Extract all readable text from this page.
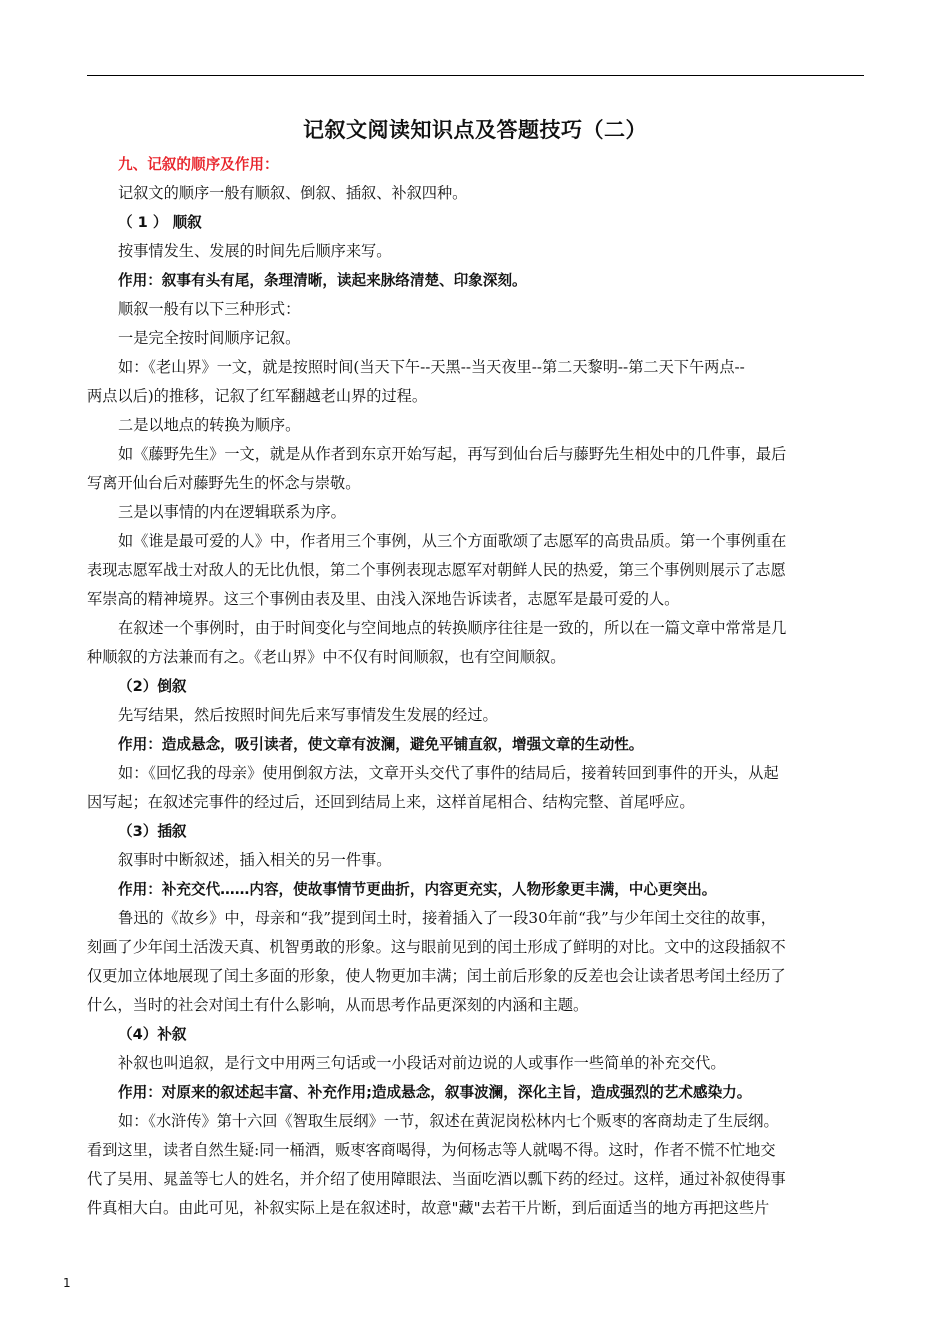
记叙文阅读知识点及答题技巧（二）
九、记叙的顺序及作用：
记叙文的顺序一般有顺叙、倒叙、插叙、补叙四种。
（ 1 ） 顺叙
按事情发生、发展的时间先后顺序来写。
作用：叙事有头有尾，条理清晰，读起来脉络清楚、印象深刻。
顺叙一般有以下三种形式：
一是完全按时间顺序记叙。
如：《老山界》一文，就是按照时间(当天下午--天黑--当天夜里--第二天黎明--第二天下午两点--
两点以后)的推移，记叙了红军翻越老山界的过程。
二是以地点的转换为顺序。
如《藤野先生》一文，就是从作者到东京开始写起，再写到仙台后与藤野先生相处中的几件事，最后
写离开仙台后对藤野先生的怀念与崇敬。
三是以事情的内在逻辑联系为序。
如《谁是最可爱的人》中，作者用三个事例，从三个方面歌颂了志愿军的高贵品质。第一个事例重在
表现志愿军战士对敌人的无比仇恨，第二个事例表现志愿军对朝鲜人民的热爱，第三个事例则展示了志愿
军崇高的精神境界。这三个事例由表及里、由浅入深地告诉读者，志愿军是最可爱的人。
在叙述一个事例时，由于时间变化与空间地点的转换顺序往往是一致的，所以在一篇文章中常常是几
种顺叙的方法兼而有之。《老山界》中不仅有时间顺叙，也有空间顺叙。
（2）倒叙
先写结果，然后按照时间先后来写事情发生发展的经过。
作用：造成悬念，吸引读者，使文章有波澜，避免平铺直叙，增强文章的生动性。
如：《回忆我的母亲》使用倒叙方法，文章开头交代了事件的结局后，接着转回到事件的开头，从起
因写起；在叙述完事件的经过后，还回到结局上来，这样首尾相合、结构完整、首尾呼应。
（3）插叙
叙事时中断叙述，插入相关的另一件事。
作用：补充交代……内容，使故事情节更曲折，内容更充实，人物形象更丰满，中心更突出。
鲁迅的《故乡》中，母亲和“我”提到闰土时，接着插入了一段30年前“我”与少年闰土交往的故事，
刻画了少年闰土活泼天真、机智勇敢的形象。这与眼前见到的闰土形成了鲜明的对比。文中的这段插叙不
仅更加立体地展现了闰土多面的形象，使人物更加丰满；闰土前后形象的反差也会让读者思考闰土经历了
什么，当时的社会对闰土有什么影响，从而思考作品更深刻的内涵和主题。
（4）补叙
补叙也叫追叙，是行文中用两三句话或一小段话对前边说的人或事作一些简单的补充交代。
作用：对原来的叙述起丰富、补充作用;造成悬念，叙事波澜，深化主旨，造成强烈的艺术感染力。
如：《水浒传》第十六回《智取生辰纲》一节，叙述在黄泥岗松林内七个贩枣的客商劫走了生辰纲。
看到这里，读者自然生疑:同一桶酒，贩枣客商喝得，为何杨志等人就喝不得。这时，作者不慌不忙地交
代了吴用、晁盖等七人的姓名，并介绍了使用障眼法、当面吃酒以瓢下药的经过。这样，通过补叙使得事
件真相大白。由此可见，补叙实际上是在叙述时，故意"藏"去若干片断，到后面适当的地方再把这些片
1
